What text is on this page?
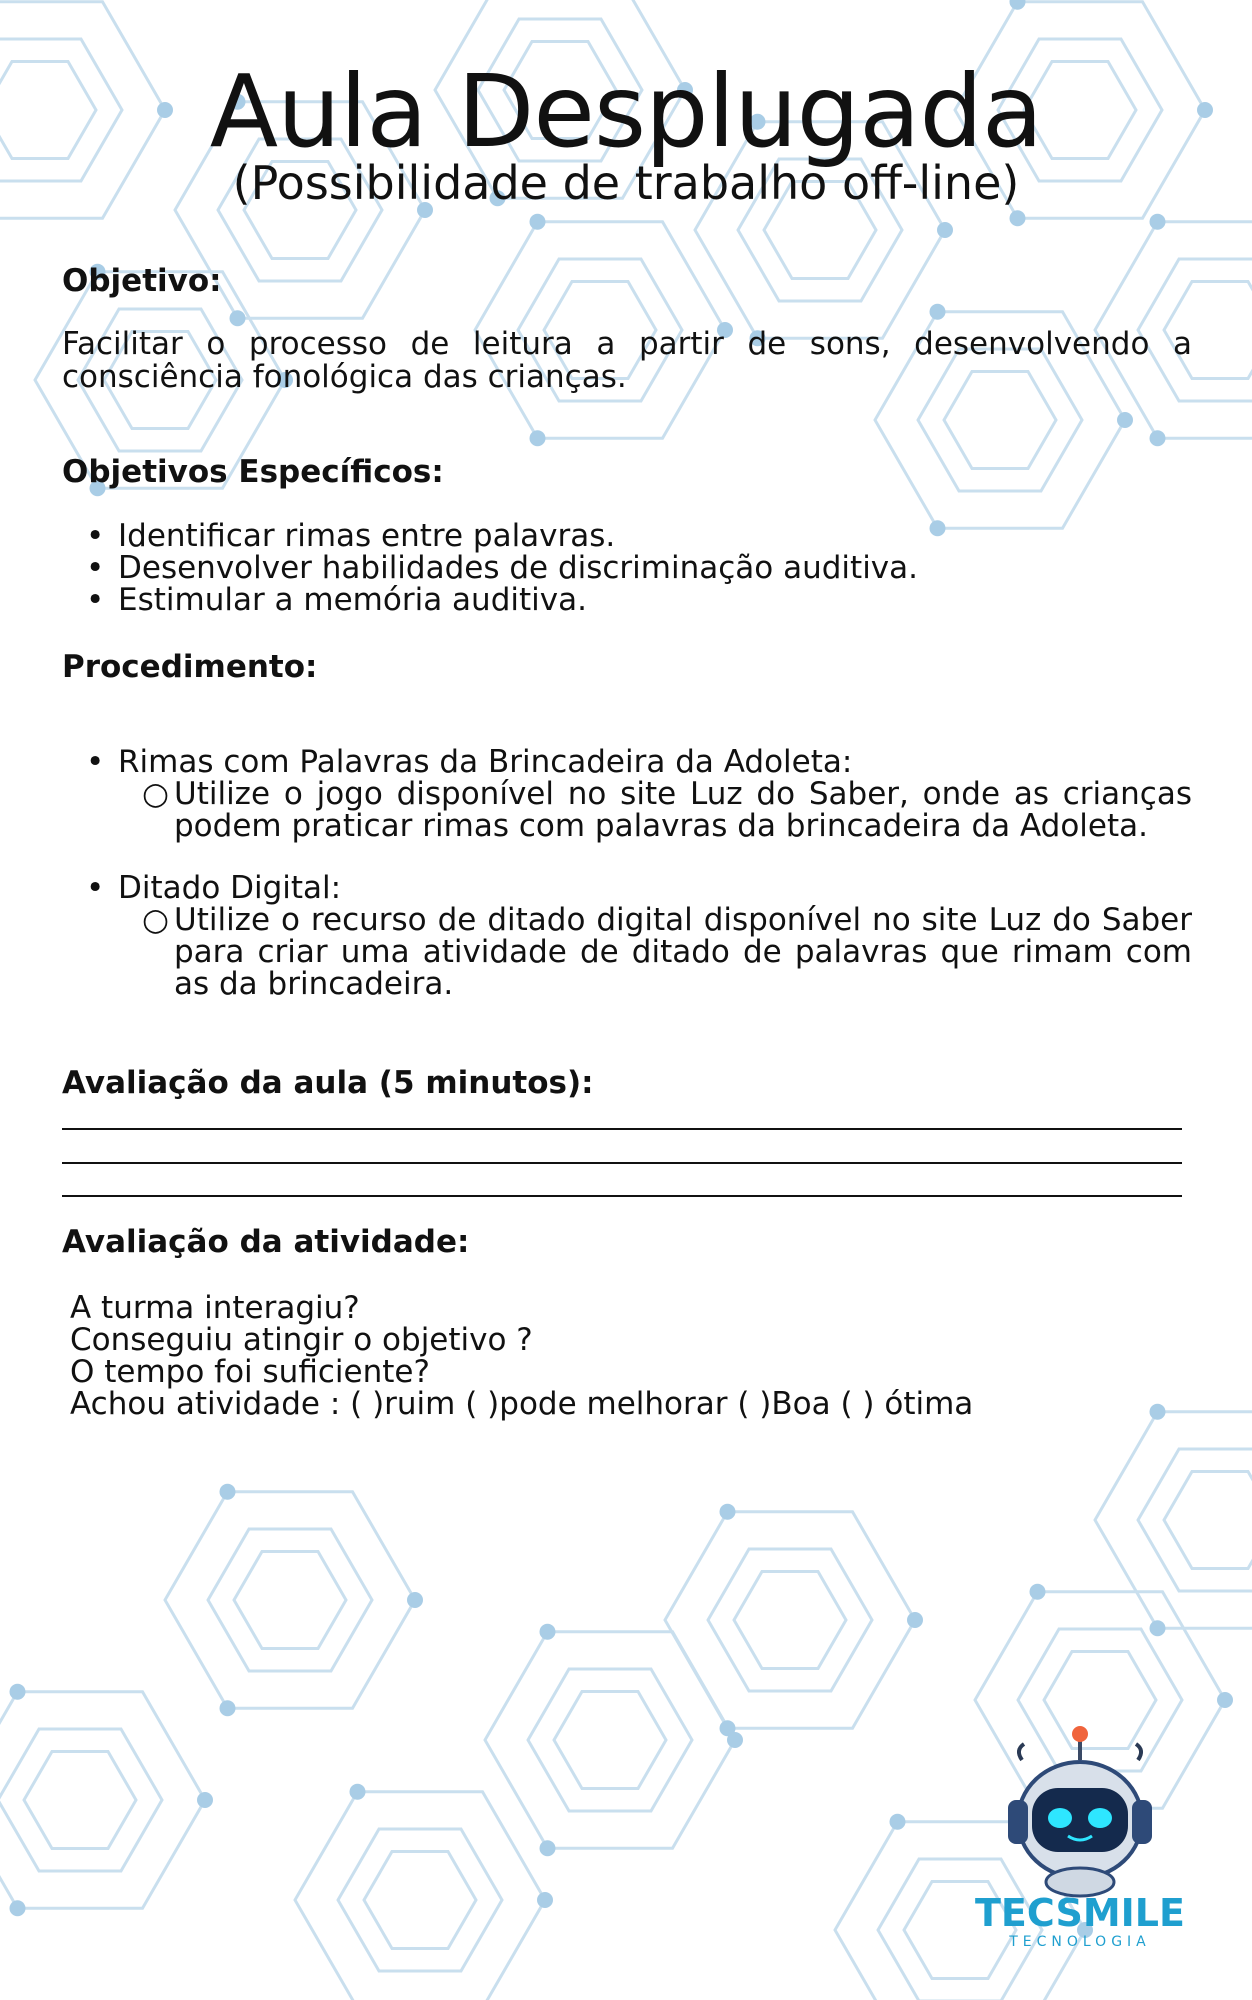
Aula Desplugada
(Possibilidade de trabalho off-line)
Objetivo:
Facilitar o processo de leitura a partir de sons, desenvolvendo a
consciência fonológica das crianças.
Objetivos Específicos:
• Identificar rimas entre palavras.
• Desenvolver habilidades de discriminação auditiva.
• Estimular a memória auditiva.
Procedimento:
• Rimas com Palavras da Brincadeira da Adoleta:
○ Utilize o jogo disponível no site Luz do Saber, onde as crianças
podem praticar rimas com palavras da brincadeira da Adoleta.
• Ditado Digital:
○ Utilize o recurso de ditado digital disponível no site Luz do Saber
para criar uma atividade de ditado de palavras que rimam com as da brincadeira.
Avaliação da aula (5 minutos):
Avaliação da atividade:
A turma interagiu?
Conseguiu atingir o objetivo ?
O tempo foi suficiente?
Achou atividade : ( )ruim ( )pode melhorar ( )Boa ( ) ótima
TECSMILE
TECNOLOGIA
